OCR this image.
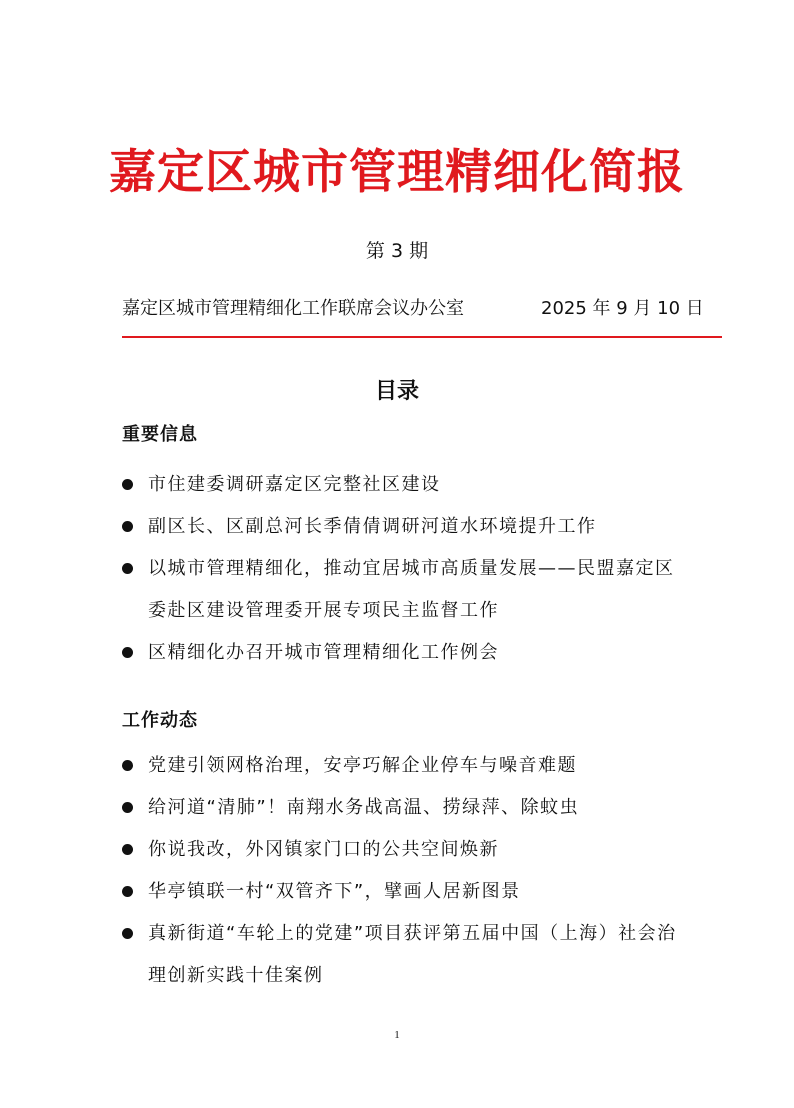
嘉定区城市管理精细化简报
第 3 期
嘉定区城市管理精细化工作联席会议办公室	2025 年 9 月 10 日
目录
重要信息
市住建委调研嘉定区完整社区建设
副区长、区副总河长季倩倩调研河道水环境提升工作
以城市管理精细化，推动宜居城市高质量发展——民盟嘉定区委赴区建设管理委开展专项民主监督工作
区精细化办召开城市管理精细化工作例会
工作动态
党建引领网格治理，安亭巧解企业停车与噪音难题
给河道“清肺”！南翔水务战高温、捞绿萍、除蚊虫
你说我改，外冈镇家门口的公共空间焕新
华亭镇联一村“双管齐下”，擘画人居新图景
真新街道“车轮上的党建”项目获评第五届中国（上海）社会治理创新实践十佳案例
1
